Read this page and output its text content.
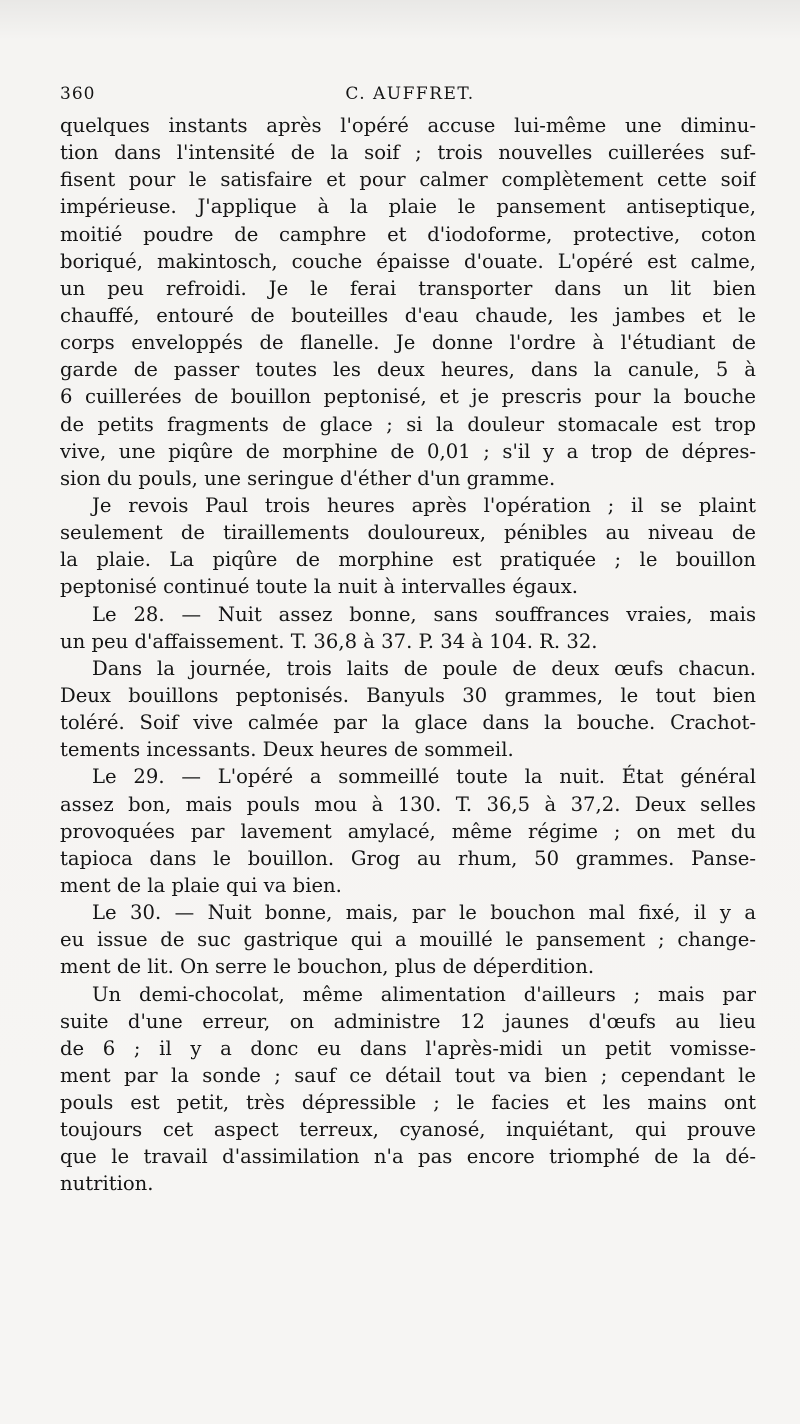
360	C. AUFFRET.
quelques instants après l'opéré accuse lui-même une diminu-
tion dans l'intensité de la soif ; trois nouvelles cuillerées suf-
fisent pour le satisfaire et pour calmer complètement cette soif
impérieuse. J'applique à la plaie le pansement antiseptique,
moitié poudre de camphre et d'iodoforme, protective, coton
boriqué, makintosch, couche épaisse d'ouate. L'opéré est calme,
un peu refroidi. Je le ferai transporter dans un lit bien
chauffé, entouré de bouteilles d'eau chaude, les jambes et le
corps enveloppés de flanelle. Je donne l'ordre à l'étudiant de
garde de passer toutes les deux heures, dans la canule, 5 à
6 cuillerées de bouillon peptonisé, et je prescris pour la bouche
de petits fragments de glace ; si la douleur stomacale est trop
vive, une piqûre de morphine de 0,01 ; s'il y a trop de dépres-
sion du pouls, une seringue d'éther d'un gramme.
Je revois Paul trois heures après l'opération ; il se plaint
seulement de tiraillements douloureux, pénibles au niveau de
la plaie. La piqûre de morphine est pratiquée ; le bouillon
peptonisé continué toute la nuit à intervalles égaux.
Le 28. — Nuit assez bonne, sans souffrances vraies, mais
un peu d'affaissement. T. 36,8 à 37. P. 34 à 104. R. 32.
Dans la journée, trois laits de poule de deux œufs chacun.
Deux bouillons peptonisés. Banyuls 30 grammes, le tout bien
toléré. Soif vive calmée par la glace dans la bouche. Crachot-
tements incessants. Deux heures de sommeil.
Le 29. — L'opéré a sommeillé toute la nuit. État général
assez bon, mais pouls mou à 130. T. 36,5 à 37,2. Deux selles
provoquées par lavement amylacé, même régime ; on met du
tapioca dans le bouillon. Grog au rhum, 50 grammes. Panse-
ment de la plaie qui va bien.
Le 30. — Nuit bonne, mais, par le bouchon mal fixé, il y a
eu issue de suc gastrique qui a mouillé le pansement ; change-
ment de lit. On serre le bouchon, plus de déperdition.
Un demi-chocolat, même alimentation d'ailleurs ; mais par
suite d'une erreur, on administre 12 jaunes d'œufs au lieu
de 6 ; il y a donc eu dans l'après-midi un petit vomisse-
ment par la sonde ; sauf ce détail tout va bien ; cependant le
pouls est petit, très dépressible ; le facies et les mains ont
toujours cet aspect terreux, cyanosé, inquiétant, qui prouve
que le travail d'assimilation n'a pas encore triomphé de la dé-
nutrition.
